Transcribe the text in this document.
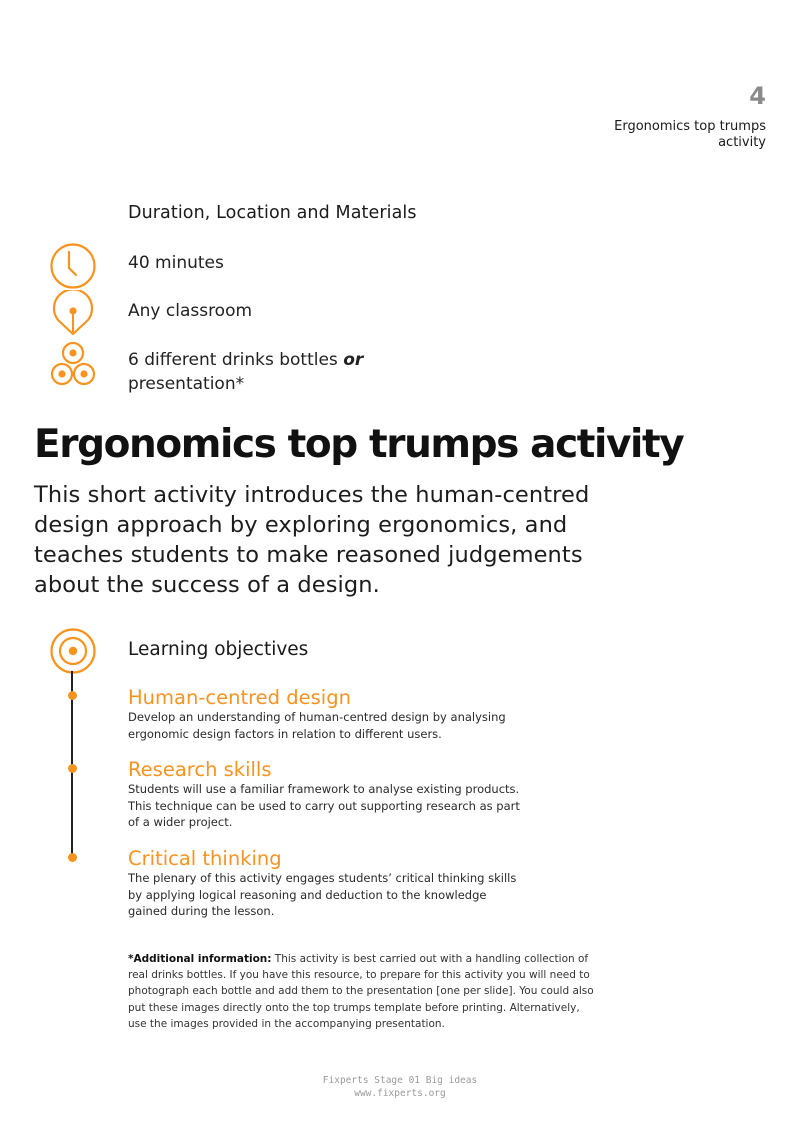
4
Ergonomics top trumps
activity
Duration, Location and Materials
40 minutes
Any classroom
6 different drinks bottles or
presentation*
Ergonomics top trumps activity
This short activity introduces the human-centred design approach by exploring ergonomics, and teaches students to make reasoned judgements about the success of a design.
Learning objectives
Human-centred design
Develop an understanding of human-centred design by analysing ergonomic design factors in relation to different users.
Research skills
Students will use a familiar framework to analyse existing products. This technique can be used to carry out supporting research as part of a wider project.
Critical thinking
The plenary of this activity engages students’ critical thinking skills by applying logical reasoning and deduction to the knowledge gained during the lesson.
*Additional information: This activity is best carried out with a handling collection of real drinks bottles. If you have this resource, to prepare for this activity you will need to photograph each bottle and add them to the presentation [one per slide]. You could also put these images directly onto the top trumps template before printing. Alternatively, use the images provided in the accompanying presentation.
Fixperts Stage 01 Big ideas
www.fixperts.org
